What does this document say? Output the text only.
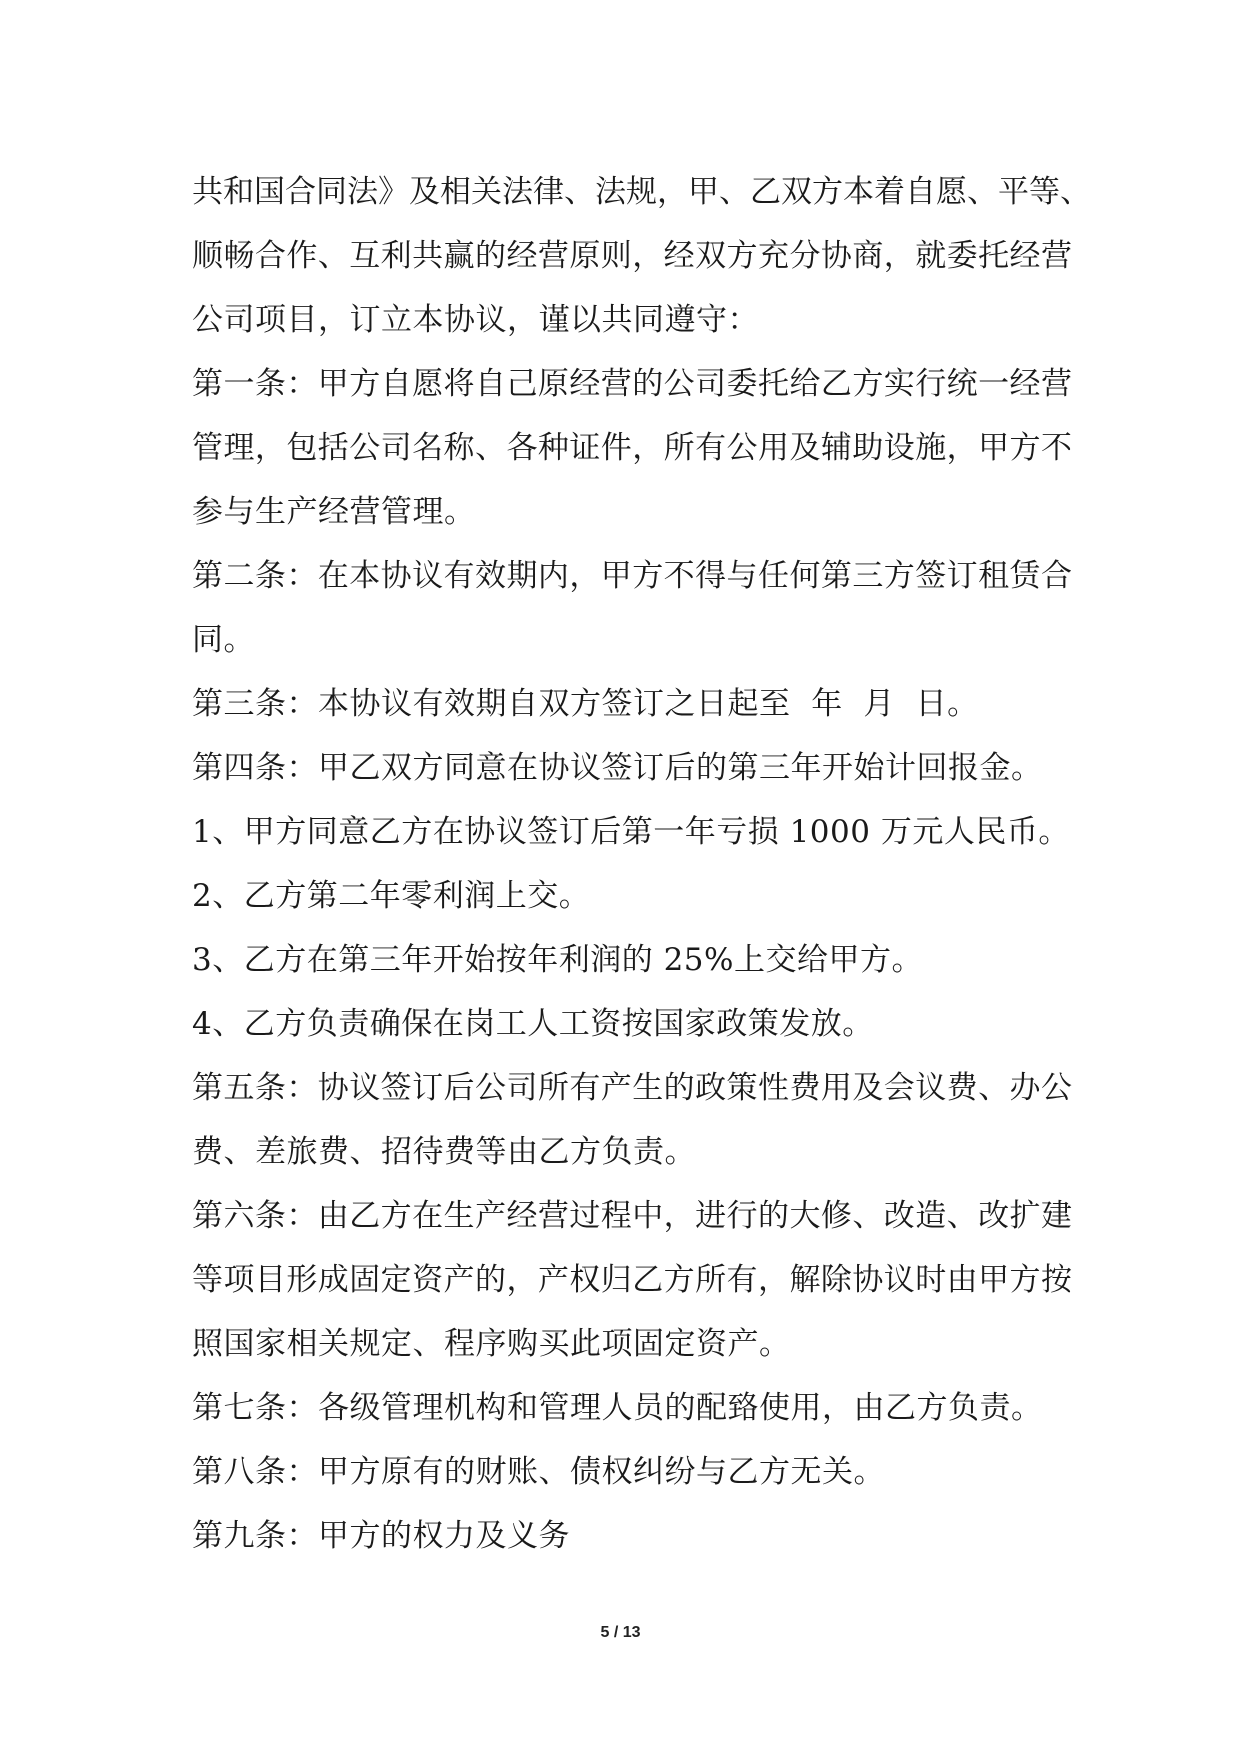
共和国合同法》及相关法律、法规，甲、乙双方本着自愿、平等、
顺畅合作、互利共赢的经营原则，经双方充分协商，就委托经营
公司项目，订立本协议，谨以共同遵守：
第一条：甲方自愿将自己原经营的公司委托给乙方实行统一经营
管理，包括公司名称、各种证件，所有公用及辅助设施，甲方不
参与生产经营管理。
第二条：在本协议有效期内，甲方不得与任何第三方签订租赁合
同。
第三条：本协议有效期自双方签订之日起至  年  月  日。
第四条：甲乙双方同意在协议签订后的第三年开始计回报金。
1、甲方同意乙方在协议签订后第一年亏损 1000 万元人民币。
2、乙方第二年零利润上交。
3、乙方在第三年开始按年利润的 25%上交给甲方。
4、乙方负责确保在岗工人工资按国家政策发放。
第五条：协议签订后公司所有产生的政策性费用及会议费、办公
费、差旅费、招待费等由乙方负责。
第六条：由乙方在生产经营过程中，进行的大修、改造、改扩建
等项目形成固定资产的，产权归乙方所有，解除协议时由甲方按
照国家相关规定、程序购买此项固定资产。
第七条：各级管理机构和管理人员的配臵使用，由乙方负责。
第八条：甲方原有的财账、债权纠纷与乙方无关。
第九条：甲方的权力及义务
5 / 13
